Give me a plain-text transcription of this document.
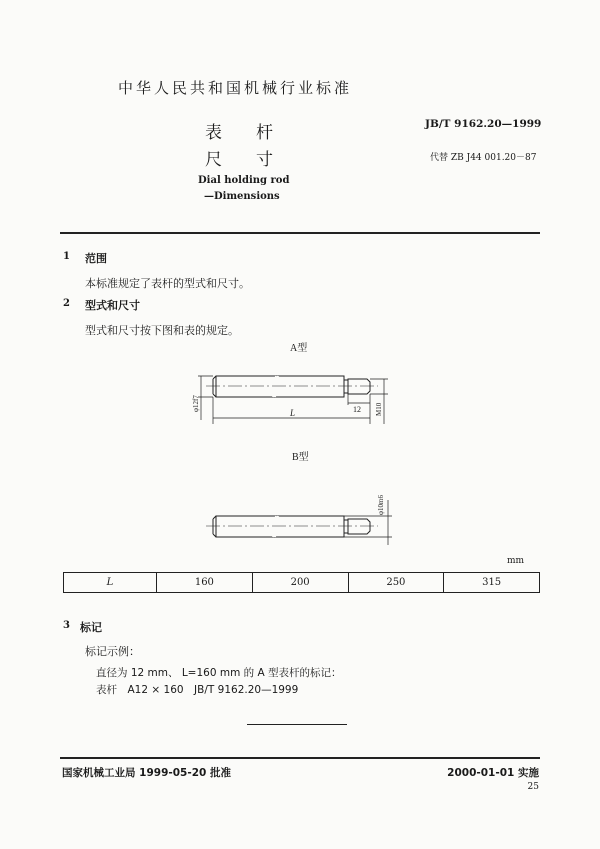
中华人民共和国机械行业标准
表　　杆
尺　　寸
Dial holding rod
—Dimensions
JB/T 9162.20—1999
代替 ZB J44 001.20－87
1 范围
本标准规定了表杆的型式和尺寸。
2 型式和尺寸
型式和尺寸按下图和表的规定。
A型
12
L
φ12f7	M10
B型
φ10m6
mm
L	160	200	250	315
3 标记
标记示例：
直径为 12 mm、 L=160 mm 的 A 型表杆的标记：
表杆　A12 × 160　JB/T 9162.20—1999
国家机械工业局 1999-05-20 批准	2000-01-01 实施
25
